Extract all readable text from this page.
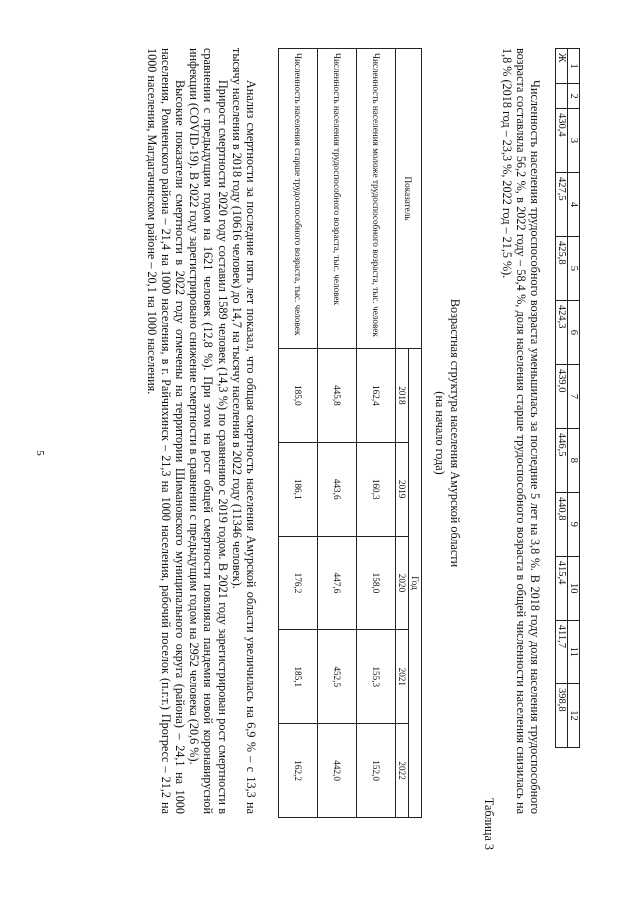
5
1	2	3	4	5	6	7	8	9	10	11	12
Ж		430,4	427,5	425,8	424,3	439,0	446,5	440,8	415,4	411,7	398,8

Численность населения трудоспособного возраста уменьшилась за последние 5 лет на 3,8 %. В 2018 году доля населения трудоспособного возраста составляла 56,2 %, в 2022 году – 58,4 %, доля населения старше трудоспособного возраста в общей численности населения снизилась на 1,8 % (2018 год – 23,3 %, 2022 год – 21,5 %).

Таблица 3
Возрастная структура населения Амурской области
(на начало года)
Показатель	Год				
	2018	2019	2020	2021	2022
Численность населения моложе трудоспособного возраста, тыс. человек	162,4	160,3	158,0	155,3	152,0
Численность населения трудоспособного возраста, тыс. человек	445,8	443,6	447,6	452,5	442,0
Численность населения старше трудоспособного возраста, тыс. человек	185,0	186,1	176,2	185,1	162,2

Анализ смертности за последние пять лет показал, что общая смертность населения Амурской области увеличилась на 6,9 % – с 13,3 на тысячу населения в 2018 году (10616 человек) до 14,7 на тысячу населения в 2022 году (11346 человек).

Прирост смертности 2020 году составил 1589 человек (14,3 %) по сравнению с 2019 годом. В 2021 году зарегистрирован рост смертности в сравнении с предыдущим годом на 1621 человек (12,8 %). При этом на рост общей смертности повлияла пандемия новой коронавирусной инфекции (COVID-19). В 2022 году зарегистрировано снижение смертности в сравнении с предыдущим годом на 2952 человека (20,6 %).

Высокие показатели смертности в 2022 году отмечены на территории Шимановского муниципального округа (района) – 24,1 на 1000 населения, Ромненского района – 21,4 на 1000 населения, в г. Райчихинск – 21,3 на 1000 населения, рабочий поселок (п.г.т.) Прогресс – 21,2 на 1000 населения, Магдагачинском районе – 20,1 на 1000 населения.
